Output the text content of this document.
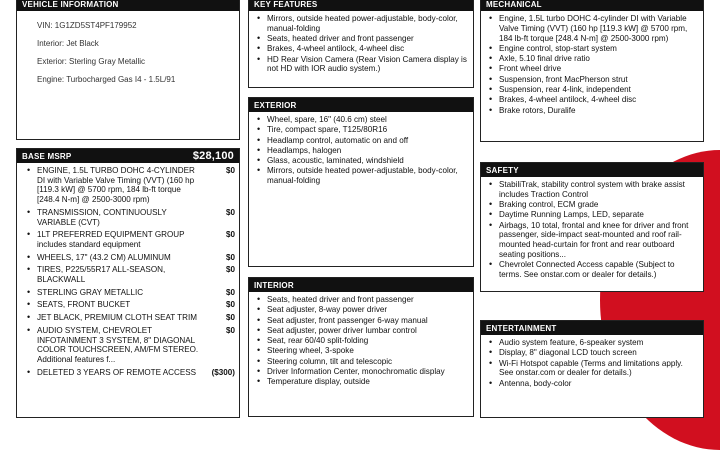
VEHICLE INFORMATION
VIN: 1G1ZD5ST4PF179952
Interior: Jet Black
Exterior: Sterling Gray Metallic
Engine: Turbocharged Gas I4 - 1.5L/91
BASE MSRP	$28,100
• ENGINE, 1.5L TURBO DOHC 4-CYLINDER DI with Variable Valve Timing (VVT) (160 hp [119.3 kW] @ 5700 rpm, 184 lb-ft torque [248.4 N-m] @ 2500-3000 rpm)
$0
• TRANSMISSION, CONTINUOUSLY VARIABLE (CVT)
$0
• 1LT PREFERRED EQUIPMENT GROUP includes standard equipment
$0
• WHEELS, 17" (43.2 CM) ALUMINUM	$0
• TIRES, P225/55R17 ALL-SEASON, BLACKWALL
$0
• STERLING GRAY METALLIC	$0
• SEATS, FRONT BUCKET	$0
• JET BLACK, PREMIUM CLOTH SEAT TRIM	$0
• AUDIO SYSTEM, CHEVROLET INFOTAINMENT 3 SYSTEM, 8" DIAGONAL COLOR TOUCHSCREEN, AM/FM STEREO. Additional features f...
$0
• DELETED 3 YEARS OF REMOTE ACCESS	($300)
KEY FEATURES
• Mirrors, outside heated power-adjustable, body-color, manual-folding
• Seats, heated driver and front passenger
• Brakes, 4-wheel antilock, 4-wheel disc
• HD Rear Vision Camera (Rear Vision Camera display is not HD with IOR audio system.)
EXTERIOR
• Wheel, spare, 16" (40.6 cm) steel
• Tire, compact spare, T125/80R16
• Headlamp control, automatic on and off
• Headlamps, halogen
• Glass, acoustic, laminated, windshield
• Mirrors, outside heated power-adjustable, body-color, manual-folding
INTERIOR
• Seats, heated driver and front passenger
• Seat adjuster, 8-way power driver
• Seat adjuster, front passenger 6-way manual
• Seat adjuster, power driver lumbar control
• Seat, rear 60/40 split-folding
• Steering wheel, 3-spoke
• Steering column, tilt and telescopic
• Driver Information Center, monochromatic display
• Temperature display, outside
MECHANICAL
• Engine, 1.5L turbo DOHC 4-cylinder DI with Variable Valve Timing (VVT) (160 hp [119.3 kW] @ 5700 rpm, 184 lb-ft torque [248.4 N-m] @ 2500-3000 rpm)
• Engine control, stop-start system
• Axle, 5.10 final drive ratio
• Front wheel drive
• Suspension, front MacPherson strut
• Suspension, rear 4-link, independent
• Brakes, 4-wheel antilock, 4-wheel disc
• Brake rotors, Duralife
SAFETY
• StabiliTrak, stability control system with brake assist includes Traction Control
• Braking control, ECM grade
• Daytime Running Lamps, LED, separate
• Airbags, 10 total, frontal and knee for driver and front passenger, side-impact seat-mounted and roof rail-mounted head-curtain for front and rear outboard seating positions...
• Chevrolet Connected Access capable (Subject to terms. See onstar.com or dealer for details.)
ENTERTAINMENT
• Audio system feature, 6-speaker system
• Display, 8" diagonal LCD touch screen
• Wi-Fi Hotspot capable (Terms and limitations apply. See onstar.com or dealer for details.)
• Antenna, body-color
